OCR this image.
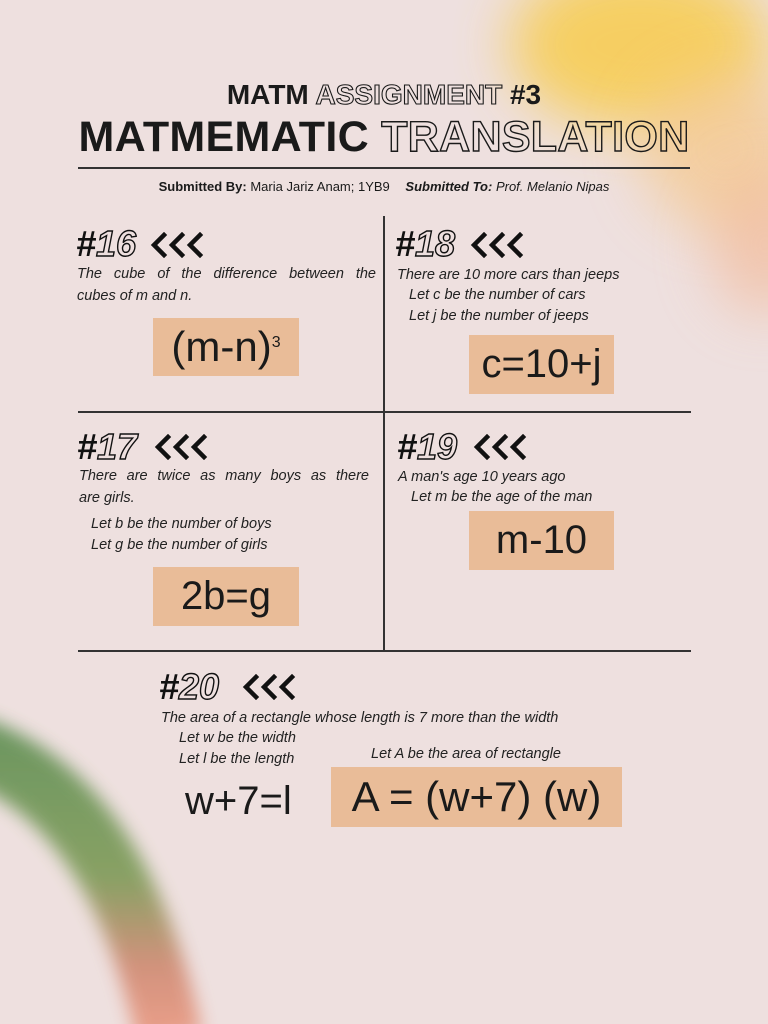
MATM ASSIGNMENT #3
MATMEMATIC TRANSLATION
Submitted By: Maria Jariz Anam; 1YB9 Submitted To: Prof. Melanio Nipas
#16
The cube of the difference between the
cubes of m and n.
$(m-n)^3$
#18
There are 10 more cars than jeeps
Let c be the number of cars
Let j be the number of jeeps
c=10+j
#17
There are twice as many boys as there
are girls.
Let b be the number of boys
Let g be the number of girls
2b=g
#19
A man's age 10 years ago
Let m be the age of the man
m-10
#20
The area of a rectangle whose length is 7 more than the width
Let w be the width
Let l be the length	Let A be the area of rectangle
w+7=l A = (w+7) (w)
